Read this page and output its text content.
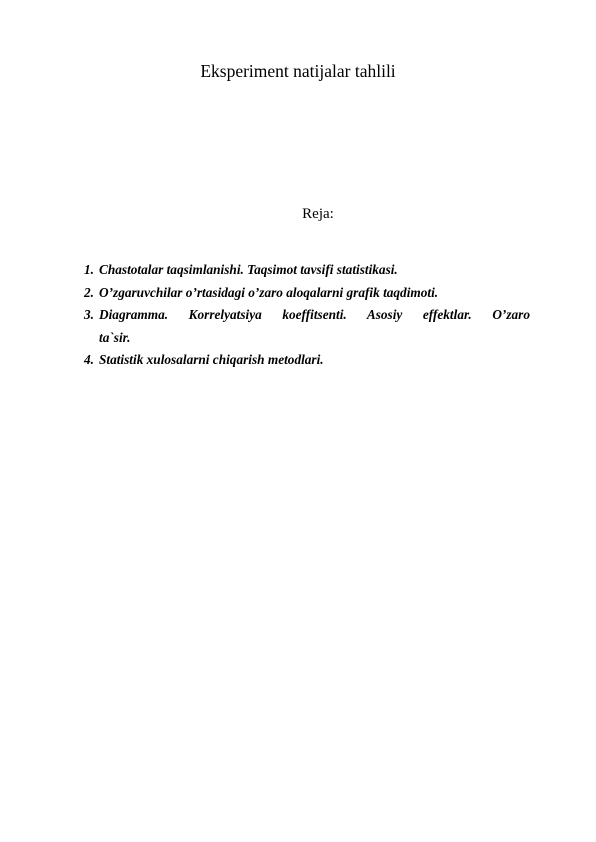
Eksperiment natijalar tahlili
Reja:
1. Chastotalar taqsimlanishi. Taqsimot tavsifi statistikasi.
2. O’zgaruvchilar o’rtasidagi o’zaro aloqalarni grafik taqdimoti.
3. Diagramma. Korrelyatsiya koeffitsenti. Asosiy effektlar. O’zaro
ta`sir.
4. Statistik xulosalarni chiqarish metodlari.
